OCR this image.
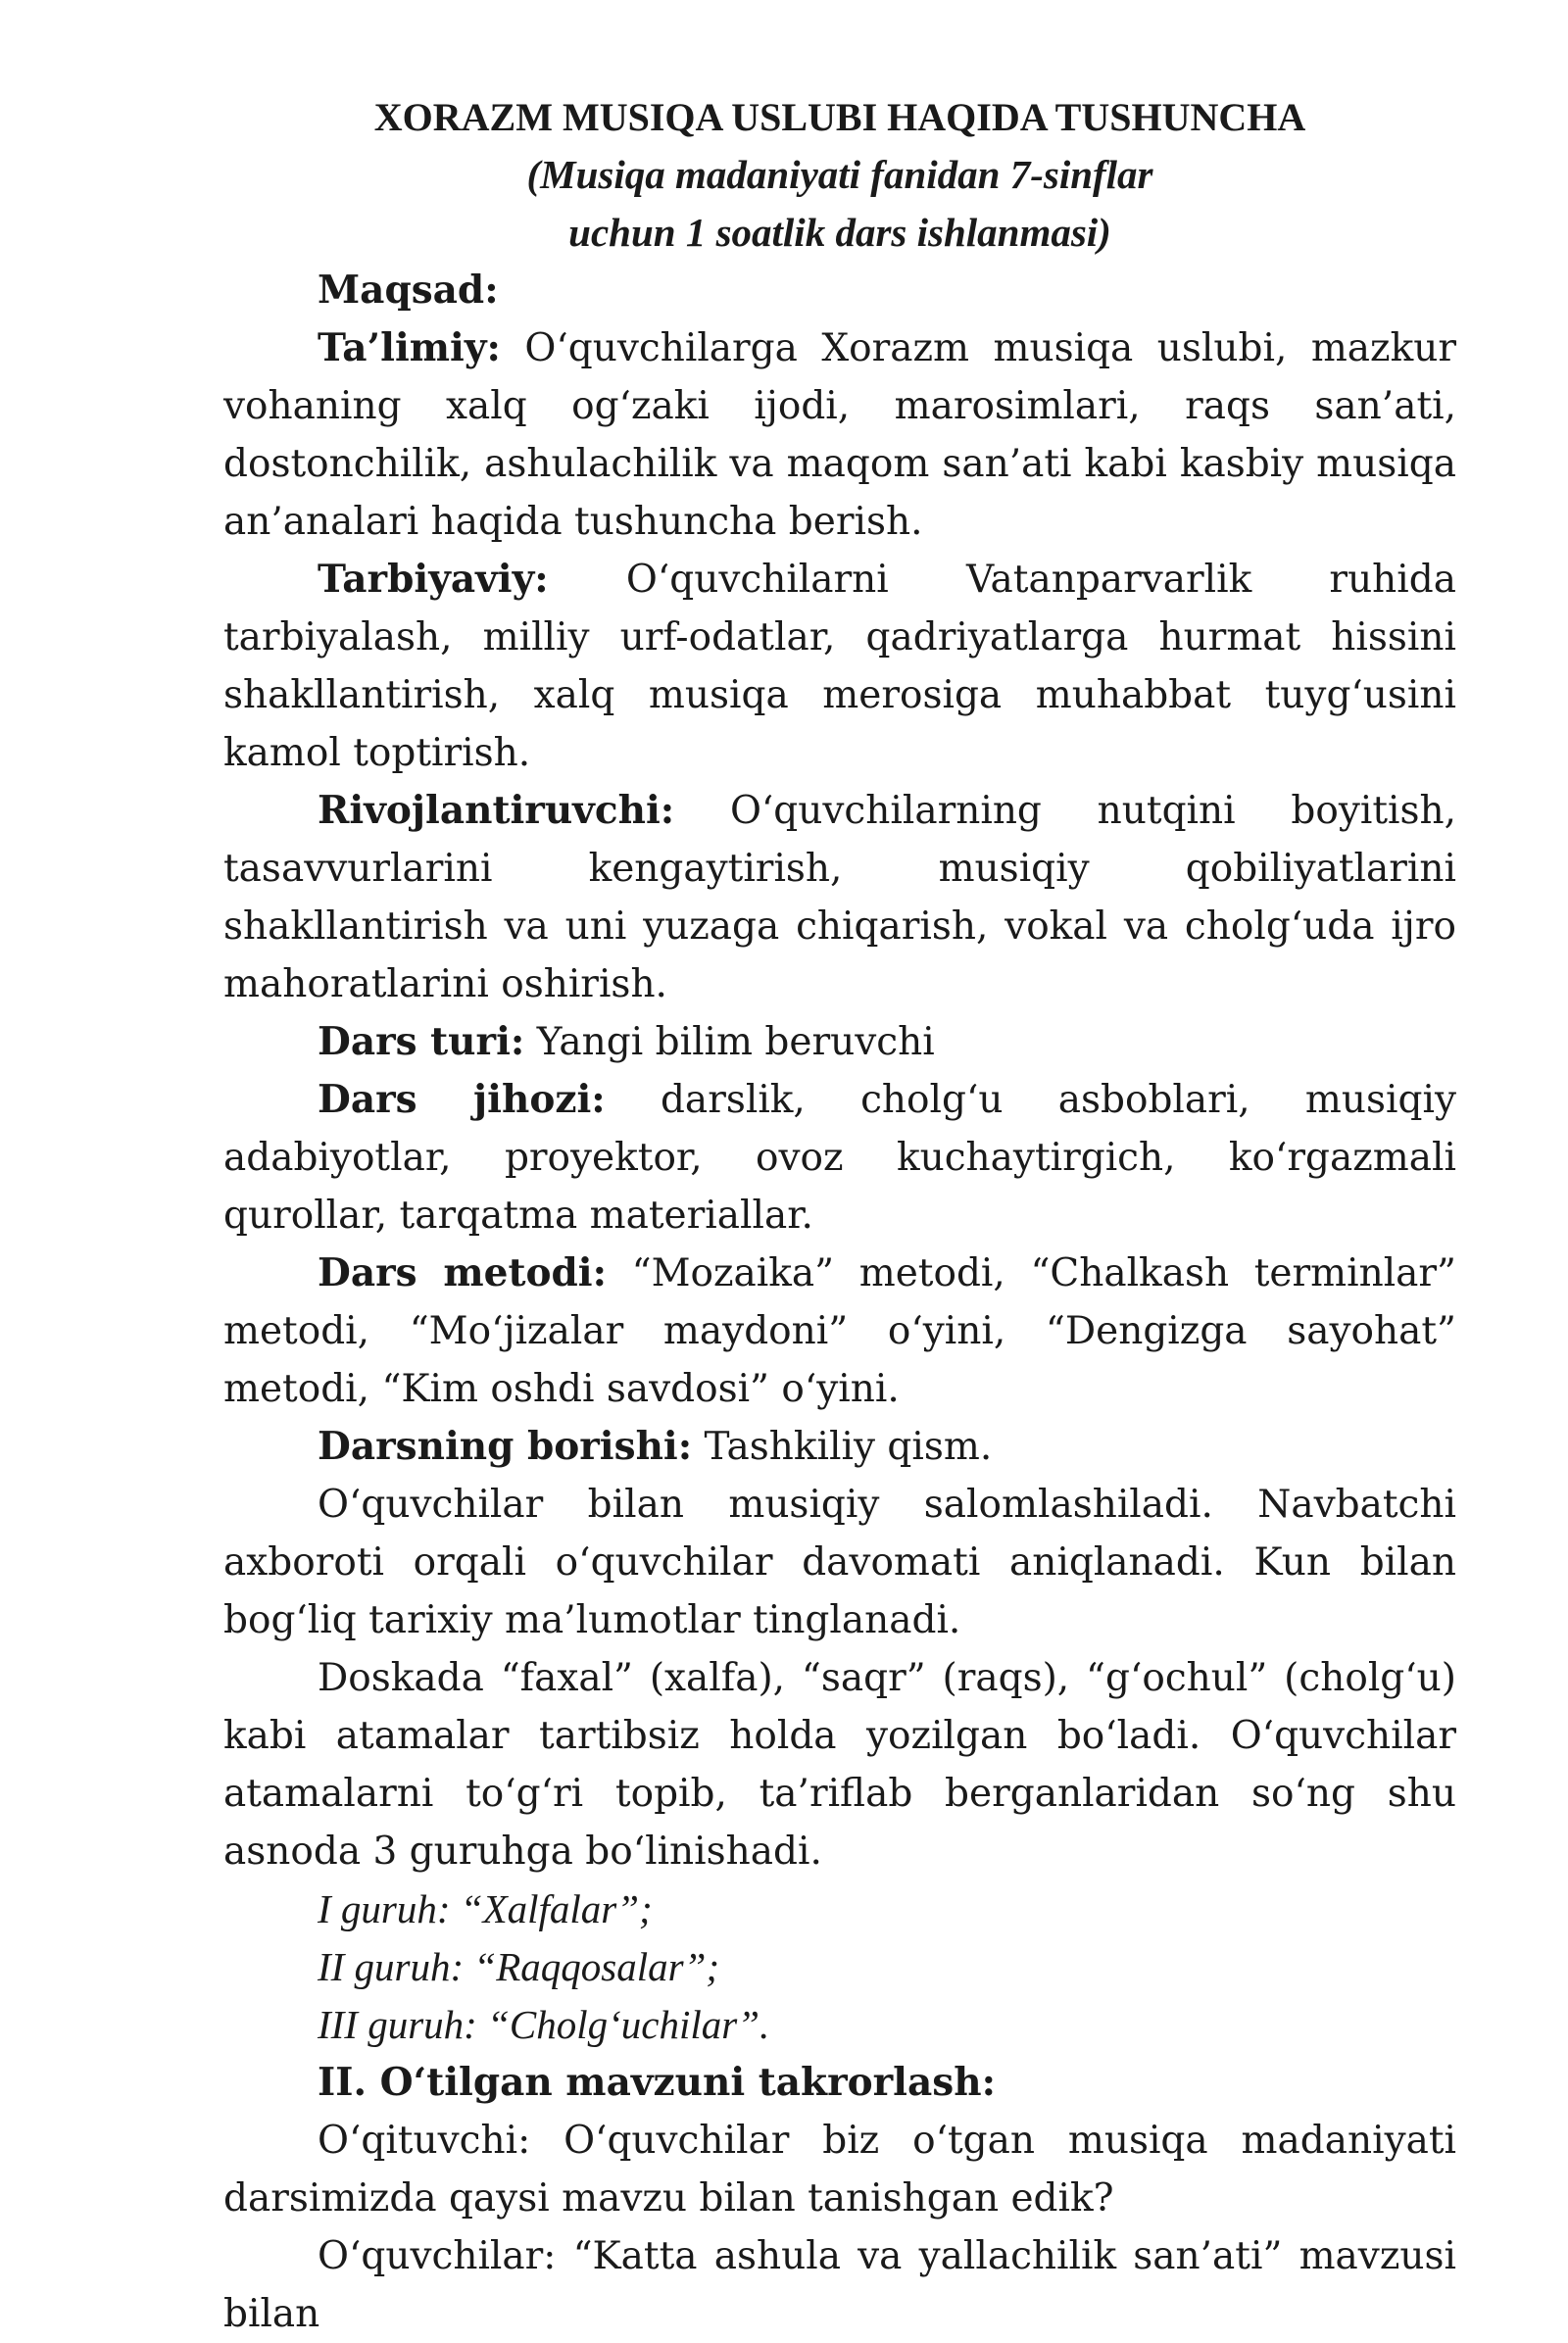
XORAZM MUSIQA USLUBI HAQIDA TUSHUNCHA
(Musiqa madaniyati fanidan 7-sinflar
uchun 1 soatlik dars ishlanmasi)

Maqsad:

Ta’limiy: O‘quvchilarga Xorazm musiqa uslubi, mazkur vohaning xalq og‘zaki ijodi, marosimlari, raqs san’ati, dostonchilik, ashulachilik va maqom san’ati kabi kasbiy musiqa an’analari haqida tushuncha berish.

Tarbiyaviy: O‘quvchilarni Vatanparvarlik ruhida tarbiyalash, milliy urf-odatlar, qadriyatlarga hurmat hissini shakllantirish, xalq musiqa merosiga muhabbat tuyg‘usini kamol toptirish.

Rivojlantiruvchi: O‘quvchilarning nutqini boyitish, tasavvurlarini kengaytirish, musiqiy qobiliyatlarini shakllantirish va uni yuzaga chiqarish, vokal va cholg‘uda ijro mahoratlarini oshirish.

Dars turi: Yangi bilim beruvchi

Dars jihozi: darslik, cholg‘u asboblari, musiqiy adabiyotlar, proyektor, ovoz kuchaytirgich, ko‘rgazmali qurollar, tarqatma materiallar.

Dars metodi: “Mozaika” metodi, “Chalkash terminlar” metodi, “Mo‘jizalar maydoni” o‘yini, “Dengizga sayohat” metodi, “Kim oshdi savdosi” o‘yini.

Darsning borishi: Tashkiliy qism.

O‘quvchilar bilan musiqiy salomlashiladi. Navbatchi axboroti orqali o‘quvchilar davomati aniqlanadi. Kun bilan bog‘liq tarixiy ma’lumotlar tinglanadi.

Doskada “faxal” (xalfa), “saqr” (raqs), “g‘ochul” (cholg‘u) kabi atamalar tartibsiz holda yozilgan bo‘ladi. O‘quvchilar atamalarni to‘g‘ri topib, ta’riflab berganlaridan so‘ng shu asnoda 3 guruhga bo‘linishadi.

I guruh: “Xalfalar”;
II guruh: “Raqqosalar”;
III guruh: “Cholg‘uchilar”.
II. O‘tilgan mavzuni takrorlash:

O‘qituvchi: O‘quvchilar biz o‘tgan musiqa madaniyati darsimizda qaysi mavzu bilan tanishgan edik?

O‘quvchilar: “Katta ashula va yallachilik san’ati” mavzusi bilan
